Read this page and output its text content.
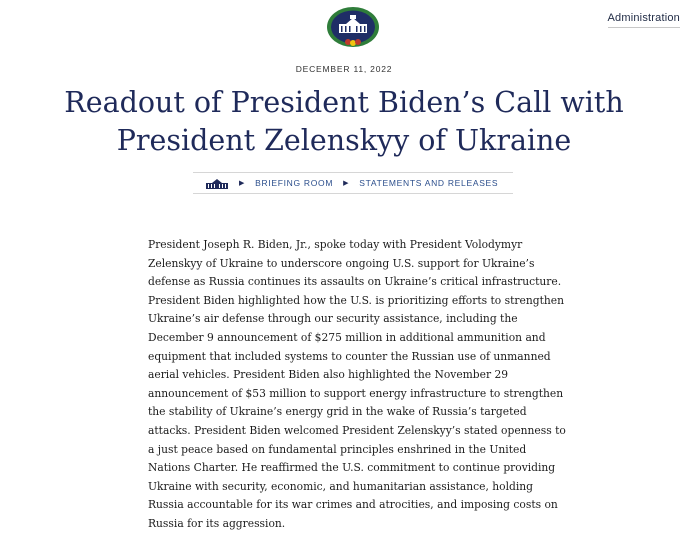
Administration
DECEMBER 11, 2022
Readout of President Biden’s Call with President Zelenskyy of Ukraine
▶ BRIEFING ROOM ▶ STATEMENTS AND RELEASES

President Joseph R. Biden, Jr., spoke today with President Volodymyr Zelenskyy of Ukraine to underscore ongoing U.S. support for Ukraine’s defense as Russia continues its assaults on Ukraine’s critical infrastructure. President Biden highlighted how the U.S. is prioritizing efforts to strengthen Ukraine’s air defense through our security assistance, including the December 9 announcement of $275 million in additional ammunition and equipment that included systems to counter the Russian use of unmanned aerial vehicles. President Biden also highlighted the November 29 announcement of $53 million to support energy infrastructure to strengthen the stability of Ukraine’s energy grid in the wake of Russia’s targeted attacks. President Biden welcomed President Zelenskyy’s stated openness to a just peace based on fundamental principles enshrined in the United Nations Charter. He reaffirmed the U.S. commitment to continue providing Ukraine with security, economic, and humanitarian assistance, holding Russia accountable for its war crimes and atrocities, and imposing costs on Russia for its aggression.
